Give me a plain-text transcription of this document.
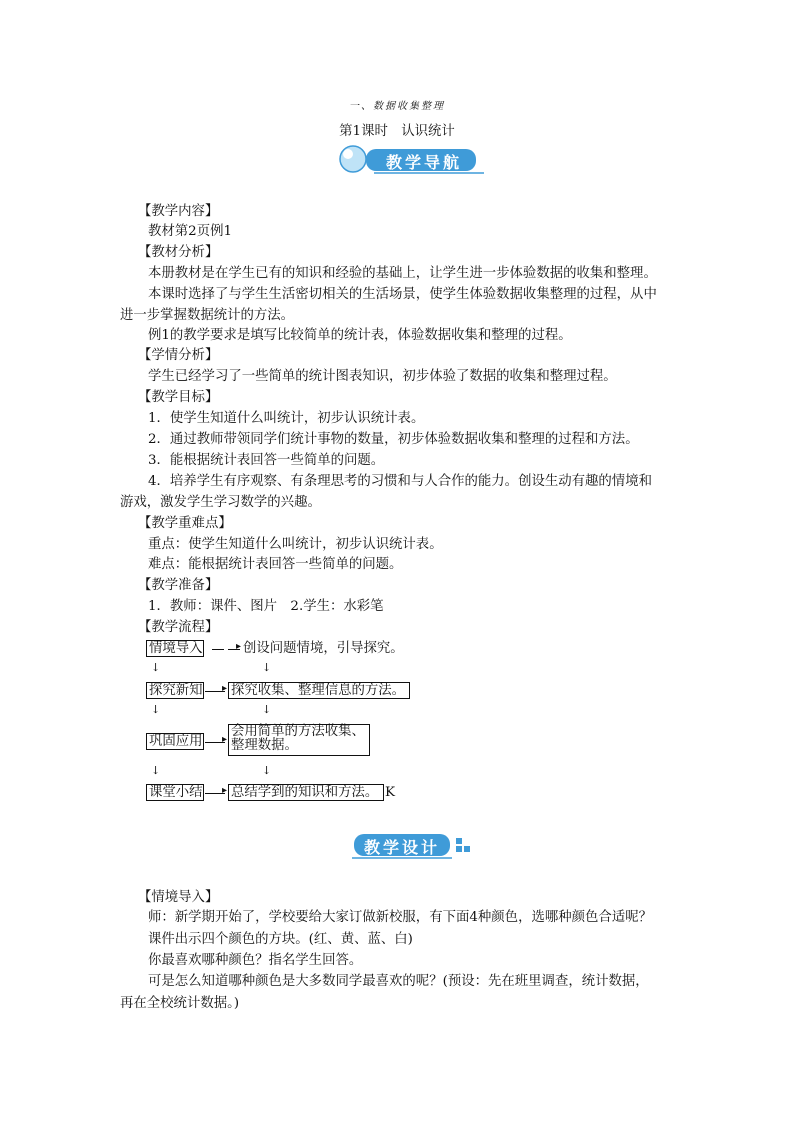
一、数据收集整理
第1课时　认识统计
教学导航
【教学内容】
教材第2页例1
【教材分析】
本册教材是在学生已有的知识和经验的基础上，让学生进一步体验数据的收集和整理。
本课时选择了与学生生活密切相关的生活场景，使学生体验数据收集整理的过程，从中
进一步掌握数据统计的方法。
例1的教学要求是填写比较简单的统计表，体验数据收集和整理的过程。
【学情分析】
学生已经学习了一些简单的统计图表知识，初步体验了数据的收集和整理过程。
【教学目标】
1．使学生知道什么叫统计，初步认识统计表。
2．通过教师带领同学们统计事物的数量，初步体验数据收集和整理的过程和方法。
3．能根据统计表回答一些简单的问题。
4．培养学生有序观察、有条理思考的习惯和与人合作的能力。创设生动有趣的情境和
游戏，激发学生学习数学的兴趣。
【教学重难点】
重点：使学生知道什么叫统计，初步认识统计表。
难点：能根据统计表回答一些简单的问题。
【教学准备】
1．教师：课件、图片　2.学生：水彩笔
【教学流程】
情境导入	▸ 创设问题情境，引导探究。
↓	↓
探究新知 ▸ 探究收集、整理信息的方法。
↓	↓
巩固应用 ▸
会用简单的方法收集、
整理数据。
↓	↓
课堂小结 ▸ 总结学到的知识和方法。 K
教学设计
【情境导入】
师：新学期开始了，学校要给大家订做新校服，有下面4种颜色，选哪种颜色合适呢？
课件出示四个颜色的方块。(红、黄、蓝、白)
你最喜欢哪种颜色？指名学生回答。
可是怎么知道哪种颜色是大多数同学最喜欢的呢？(预设：先在班里调查，统计数据，
再在全校统计数据。)
